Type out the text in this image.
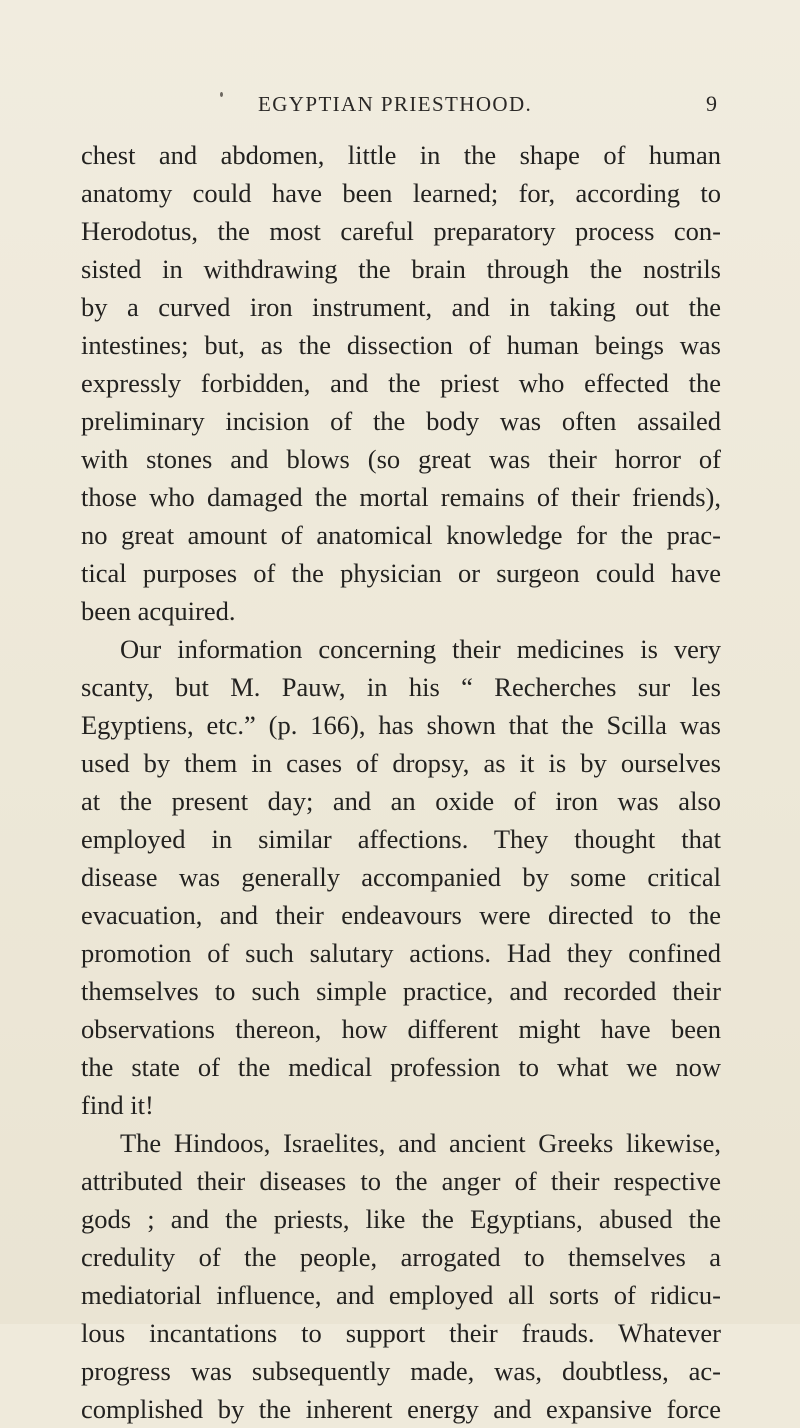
EGYPTIAN PRIESTHOOD.	9
chest and abdomen, little in the shape of human
anatomy could have been learned; for, according to
Herodotus, the most careful preparatory process con-
sisted in withdrawing the brain through the nostrils
by a curved iron instrument, and in taking out the
intestines; but, as the dissection of human beings was
expressly forbidden, and the priest who effected the
preliminary incision of the body was often assailed
with stones and blows (so great was their horror of
those who damaged the mortal remains of their friends),
no great amount of anatomical knowledge for the prac-
tical purposes of the physician or surgeon could have
been acquired.
Our information concerning their medicines is very
scanty, but M. Pauw, in his “ Recherches sur les
Egyptiens, etc.” (p. 166), has shown that the Scilla was
used by them in cases of dropsy, as it is by ourselves
at the present day; and an oxide of iron was also
employed in similar affections. They thought that
disease was generally accompanied by some critical
evacuation, and their endeavours were directed to the
promotion of such salutary actions. Had they confined
themselves to such simple practice, and recorded their
observations thereon, how different might have been
the state of the medical profession to what we now
find it!
The Hindoos, Israelites, and ancient Greeks likewise,
attributed their diseases to the anger of their respective
gods ; and the priests, like the Egyptians, abused the
credulity of the people, arrogated to themselves a
mediatorial influence, and employed all sorts of ridicu-
lous incantations to support their frauds. Whatever
progress was subsequently made, was, doubtless, ac-
complished by the inherent energy and expansive force
